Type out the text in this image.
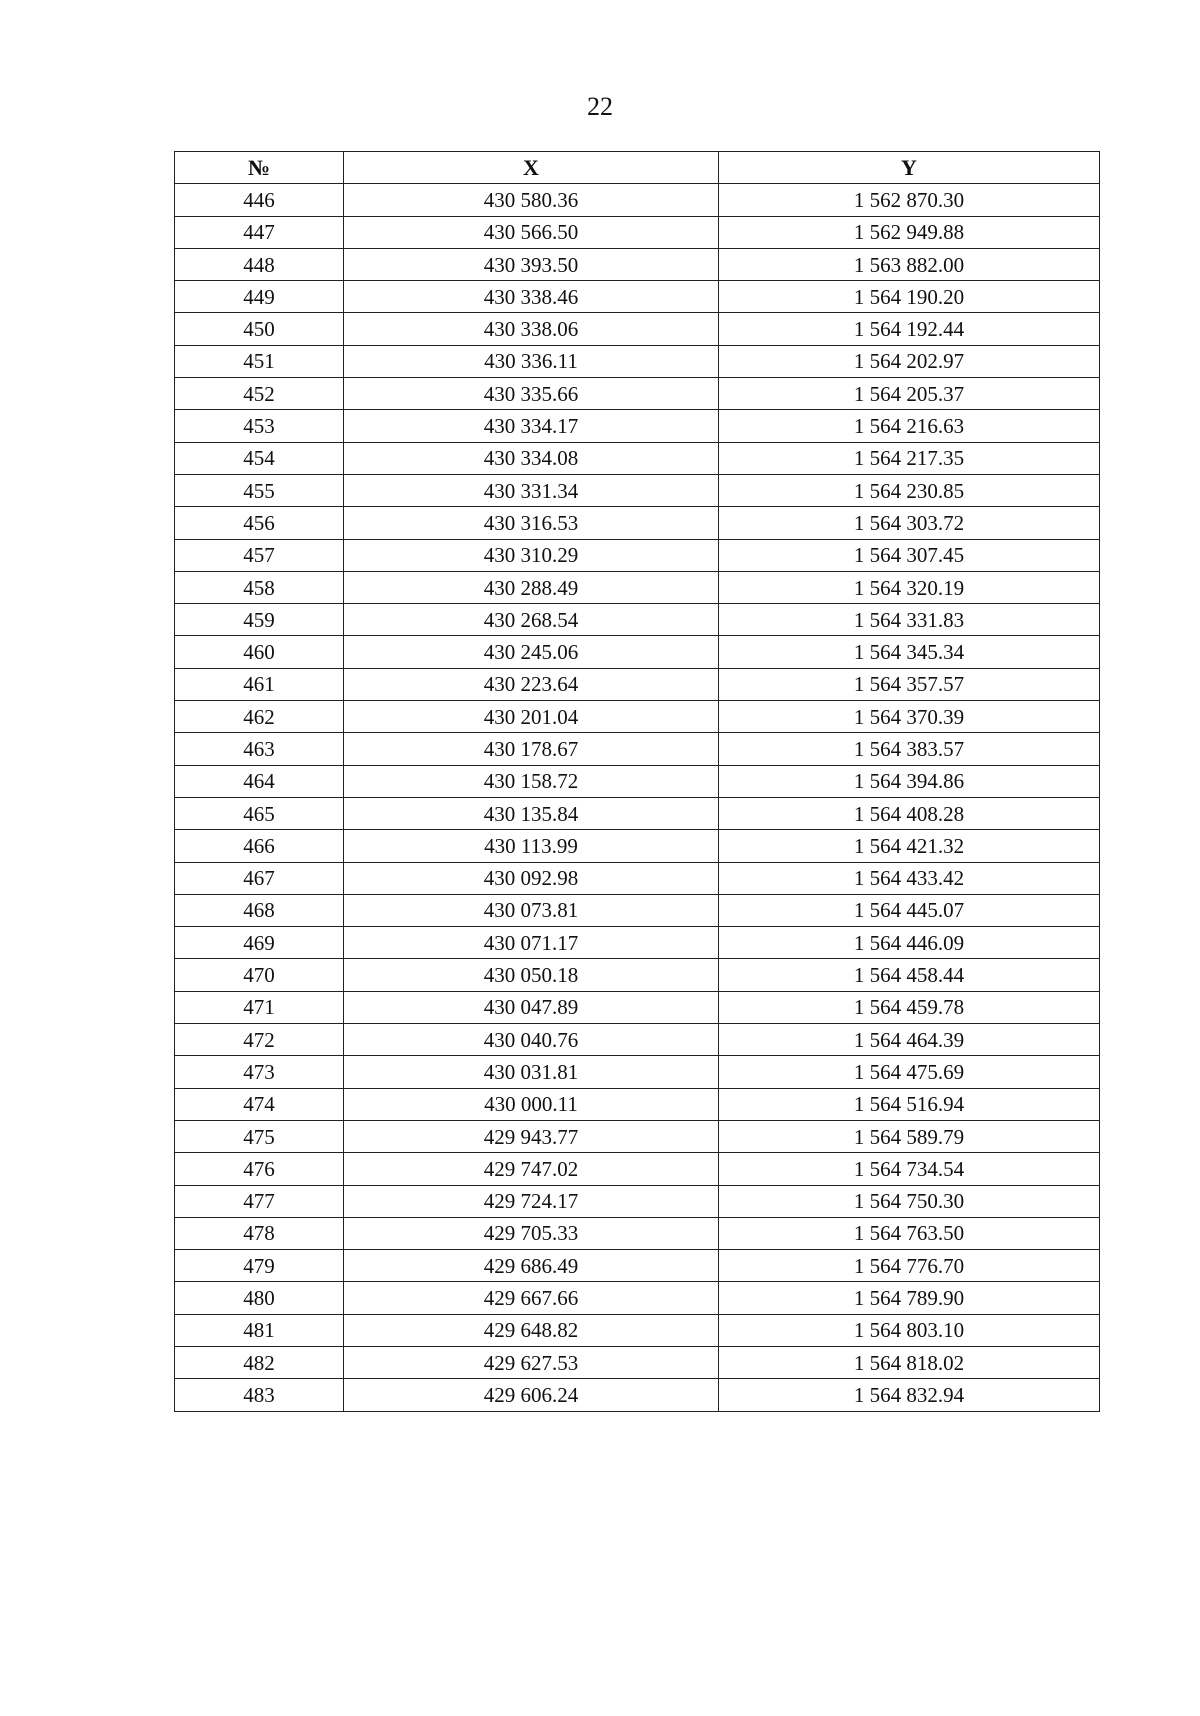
22
№	X	Y
446	430 580.36	1 562 870.30
447	430 566.50	1 562 949.88
448	430 393.50	1 563 882.00
449	430 338.46	1 564 190.20
450	430 338.06	1 564 192.44
451	430 336.11	1 564 202.97
452	430 335.66	1 564 205.37
453	430 334.17	1 564 216.63
454	430 334.08	1 564 217.35
455	430 331.34	1 564 230.85
456	430 316.53	1 564 303.72
457	430 310.29	1 564 307.45
458	430 288.49	1 564 320.19
459	430 268.54	1 564 331.83
460	430 245.06	1 564 345.34
461	430 223.64	1 564 357.57
462	430 201.04	1 564 370.39
463	430 178.67	1 564 383.57
464	430 158.72	1 564 394.86
465	430 135.84	1 564 408.28
466	430 113.99	1 564 421.32
467	430 092.98	1 564 433.42
468	430 073.81	1 564 445.07
469	430 071.17	1 564 446.09
470	430 050.18	1 564 458.44
471	430 047.89	1 564 459.78
472	430 040.76	1 564 464.39
473	430 031.81	1 564 475.69
474	430 000.11	1 564 516.94
475	429 943.77	1 564 589.79
476	429 747.02	1 564 734.54
477	429 724.17	1 564 750.30
478	429 705.33	1 564 763.50
479	429 686.49	1 564 776.70
480	429 667.66	1 564 789.90
481	429 648.82	1 564 803.10
482	429 627.53	1 564 818.02
483	429 606.24	1 564 832.94
